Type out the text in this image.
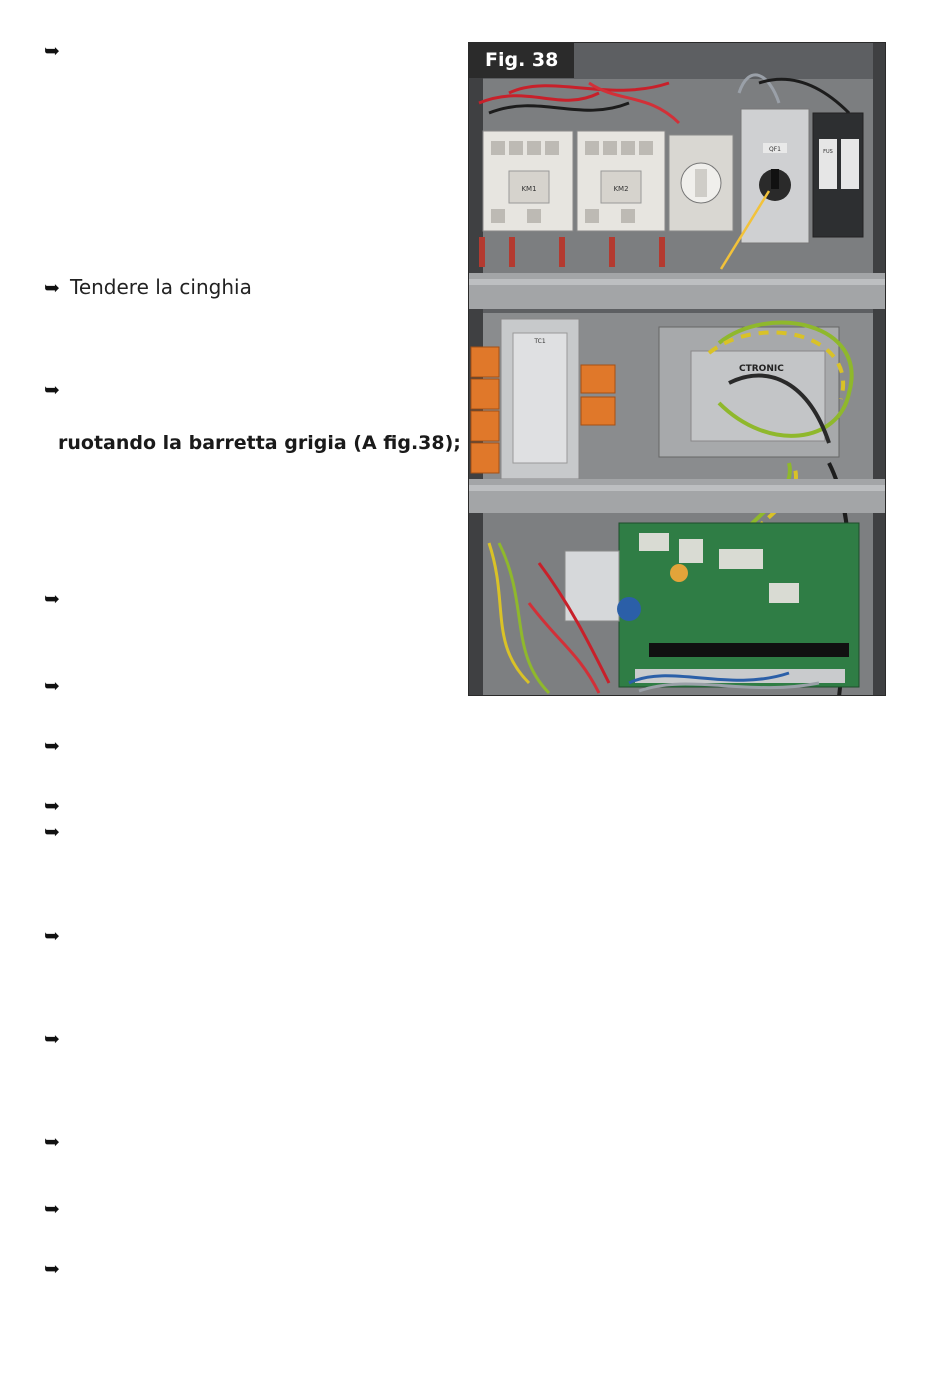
➥
➥ Tendere la cinghia
➥
ruotando la barretta grigia (A fig.38);
➥
➥
➥
➥
➥
➥
➥
➥
➥
➥
Fig. 38
KM1	KM2
QF1	FUS
TC1
CTRONIC
